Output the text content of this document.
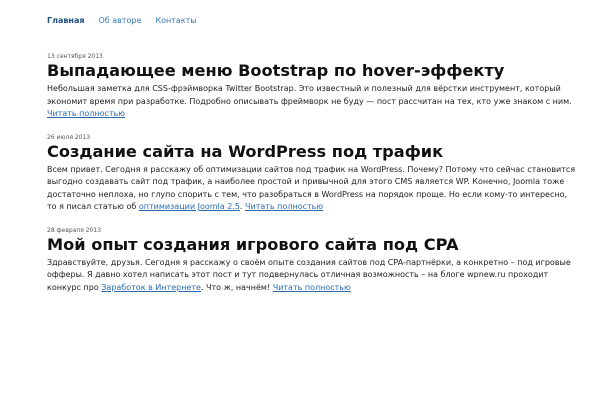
Главная Об авторе Контакты
13 сентября 2013
Выпадающее меню Bootstrap по hover-эффекту

Небольшая заметка для CSS-фрэймворка Twitter Bootstrap. Это известный и полезный для вёрстки инструмент, который экономит время при разработке. Подробно описывать фреймворк не буду — пост рассчитан на тех, кто уже знаком с ним. Читать полностью

26 июля 2013
Создание сайта на WordPress под трафик

Всем привет. Сегодня я расскажу об оптимизации сайтов под трафик на WordPress. Почему? Потому что сейчас становится выгодно создавать сайт под трафик, а наиболее простой и привычной для этого CMS является WP. Конечно, Joomla тоже достаточно неплоха, но глупо спорить с тем, что разобраться в WordPress на порядок проще. Но если кому-то интересно, то я писал статью об оптимизации Joomla 2.5. Читать полностью

28 февраля 2013
Мой опыт создания игрового сайта под CPA

Здравствуйте, друзья. Сегодня я расскажу о своём опыте создания сайтов под CPA-партнёрки, а конкретно – под игровые офферы. Я давно хотел написать этот пост и тут подвернулась отличная возможность – на блоге wpnew.ru проходит конкурс про Заработок в Интернете. Что ж, начнём! Читать полностью
